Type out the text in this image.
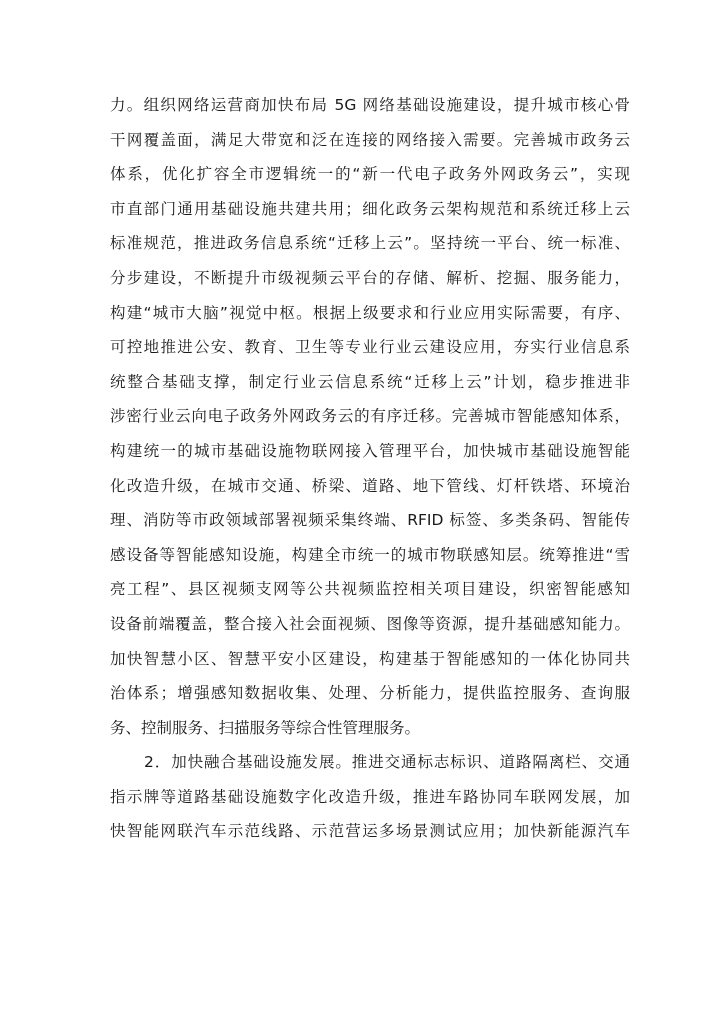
力。组织网络运营商加快布局 5G 网络基础设施建设，提升城市核心骨
干网覆盖面，满足大带宽和泛在连接的网络接入需要。完善城市政务云
体系，优化扩容全市逻辑统一的“新一代电子政务外网政务云”，实现
市直部门通用基础设施共建共用；细化政务云架构规范和系统迁移上云
标准规范，推进政务信息系统“迁移上云”。坚持统一平台、统一标准、
分步建设，不断提升市级视频云平台的存储、解析、挖掘、服务能力，
构建“城市大脑”视觉中枢。根据上级要求和行业应用实际需要，有序、
可控地推进公安、教育、卫生等专业行业云建设应用，夯实行业信息系
统整合基础支撑，制定行业云信息系统“迁移上云”计划，稳步推进非
涉密行业云向电子政务外网政务云的有序迁移。完善城市智能感知体系，
构建统一的城市基础设施物联网接入管理平台，加快城市基础设施智能
化改造升级，在城市交通、桥梁、道路、地下管线、灯杆铁塔、环境治
理、消防等市政领域部署视频采集终端、RFID 标签、多类条码、智能传
感设备等智能感知设施，构建全市统一的城市物联感知层。统筹推进“雪
亮工程”、县区视频支网等公共视频监控相关项目建设，织密智能感知
设备前端覆盖，整合接入社会面视频、图像等资源，提升基础感知能力。
加快智慧小区、智慧平安小区建设，构建基于智能感知的一体化协同共
治体系；增强感知数据收集、处理、分析能力，提供监控服务、查询服
务、控制服务、扫描服务等综合性管理服务。
2．加快融合基础设施发展。推进交通标志标识、道路隔离栏、交通
指示牌等道路基础设施数字化改造升级，推进车路协同车联网发展，加
快智能网联汽车示范线路、示范营运多场景测试应用；加快新能源汽车
